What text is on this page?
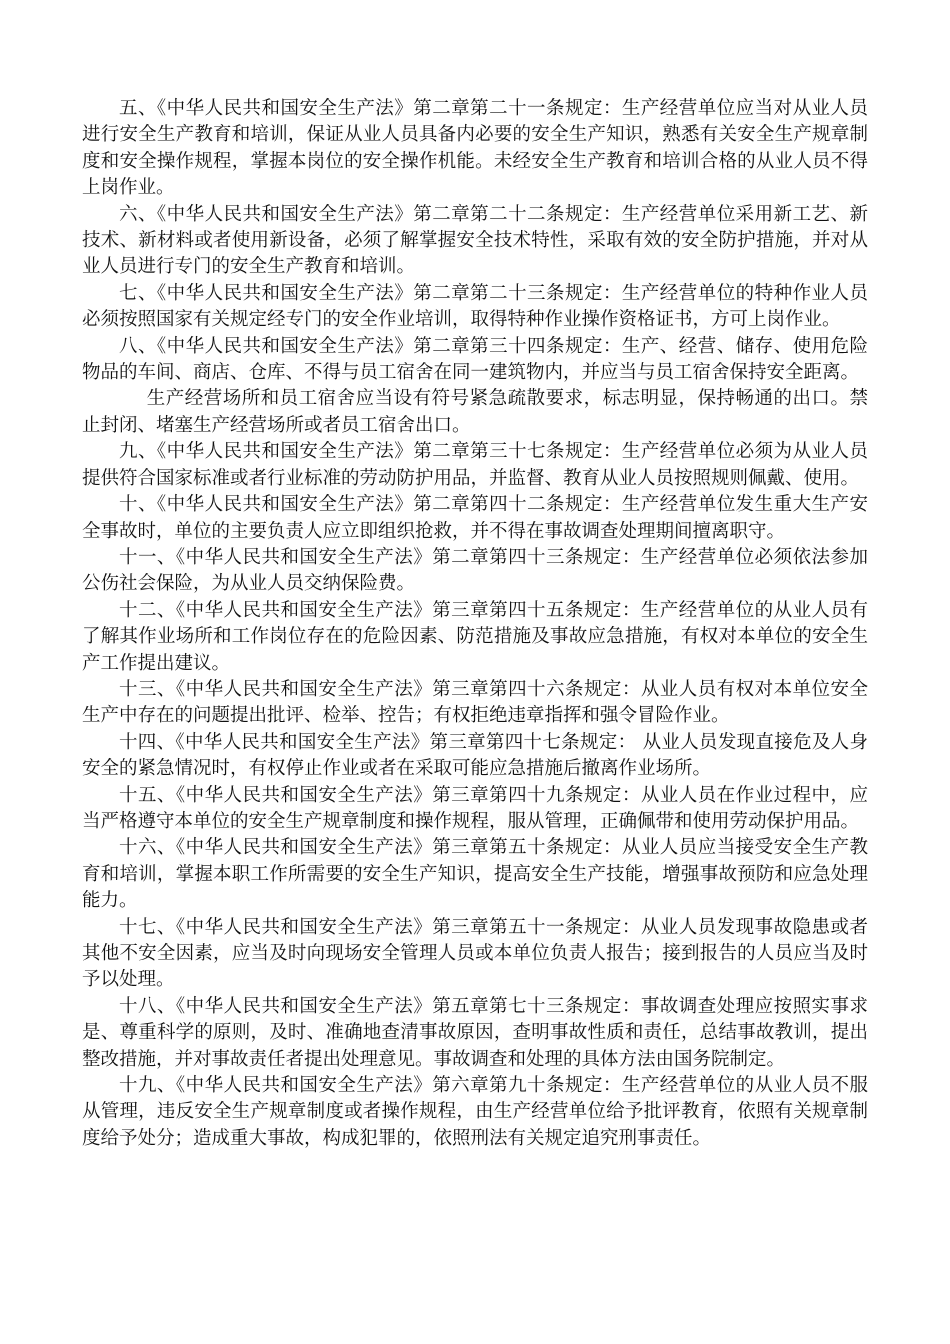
五、《中华人民共和国安全生产法》第二章第二十一条规定：生产经营单位应当对从业人员进行安全生产教育和培训，保证从业人员具备内必要的安全生产知识，熟悉有关安全生产规章制度和安全操作规程，掌握本岗位的安全操作机能。未经安全生产教育和培训合格的从业人员不得上岗作业。

六、《中华人民共和国安全生产法》第二章第二十二条规定：生产经营单位采用新工艺、新技术、新材料或者使用新设备，必须了解掌握安全技术特性，采取有效的安全防护措施，并对从业人员进行专门的安全生产教育和培训。

七、《中华人民共和国安全生产法》第二章第二十三条规定：生产经营单位的特种作业人员必须按照国家有关规定经专门的安全作业培训，取得特种作业操作资格证书，方可上岗作业。

八、《中华人民共和国安全生产法》第二章第三十四条规定：生产、经营、储存、使用危险物品的车间、商店、仓库、不得与员工宿舍在同一建筑物内，并应当与员工宿舍保持安全距离。

生产经营场所和员工宿舍应当设有符号紧急疏散要求，标志明显，保持畅通的出口。禁止封闭、堵塞生产经营场所或者员工宿舍出口。

九、《中华人民共和国安全生产法》第二章第三十七条规定：生产经营单位必须为从业人员提供符合国家标准或者行业标准的劳动防护用品，并监督、教育从业人员按照规则佩戴、使用。

十、《中华人民共和国安全生产法》第二章第四十二条规定：生产经营单位发生重大生产安全事故时，单位的主要负责人应立即组织抢救，并不得在事故调查处理期间擅离职守。

十一、《中华人民共和国安全生产法》第二章第四十三条规定：生产经营单位必须依法参加公伤社会保险，为从业人员交纳保险费。

十二、《中华人民共和国安全生产法》第三章第四十五条规定：生产经营单位的从业人员有了解其作业场所和工作岗位存在的危险因素、防范措施及事故应急措施，有权对本单位的安全生产工作提出建议。

十三、《中华人民共和国安全生产法》第三章第四十六条规定：从业人员有权对本单位安全生产中存在的问题提出批评、检举、控告；有权拒绝违章指挥和强令冒险作业。

十四、《中华人民共和国安全生产法》第三章第四十七条规定： 从业人员发现直接危及人身安全的紧急情况时，有权停止作业或者在采取可能应急措施后撤离作业场所。

十五、《中华人民共和国安全生产法》第三章第四十九条规定：从业人员在作业过程中，应当严格遵守本单位的安全生产规章制度和操作规程，服从管理，正确佩带和使用劳动保护用品。

十六、《中华人民共和国安全生产法》第三章第五十条规定：从业人员应当接受安全生产教育和培训，掌握本职工作所需要的安全生产知识，提高安全生产技能，增强事故预防和应急处理能力。

十七、《中华人民共和国安全生产法》第三章第五十一条规定：从业人员发现事故隐患或者其他不安全因素，应当及时向现场安全管理人员或本单位负责人报告；接到报告的人员应当及时予以处理。

十八、《中华人民共和国安全生产法》第五章第七十三条规定：事故调查处理应按照实事求是、尊重科学的原则，及时、准确地查清事故原因，查明事故性质和责任，总结事故教训，提出整改措施，并对事故责任者提出处理意见。事故调查和处理的具体方法由国务院制定。

十九、《中华人民共和国安全生产法》第六章第九十条规定：生产经营单位的从业人员不服从管理，违反安全生产规章制度或者操作规程，由生产经营单位给予批评教育，依照有关规章制度给予处分；造成重大事故，构成犯罪的，依照刑法有关规定追究刑事责任。
